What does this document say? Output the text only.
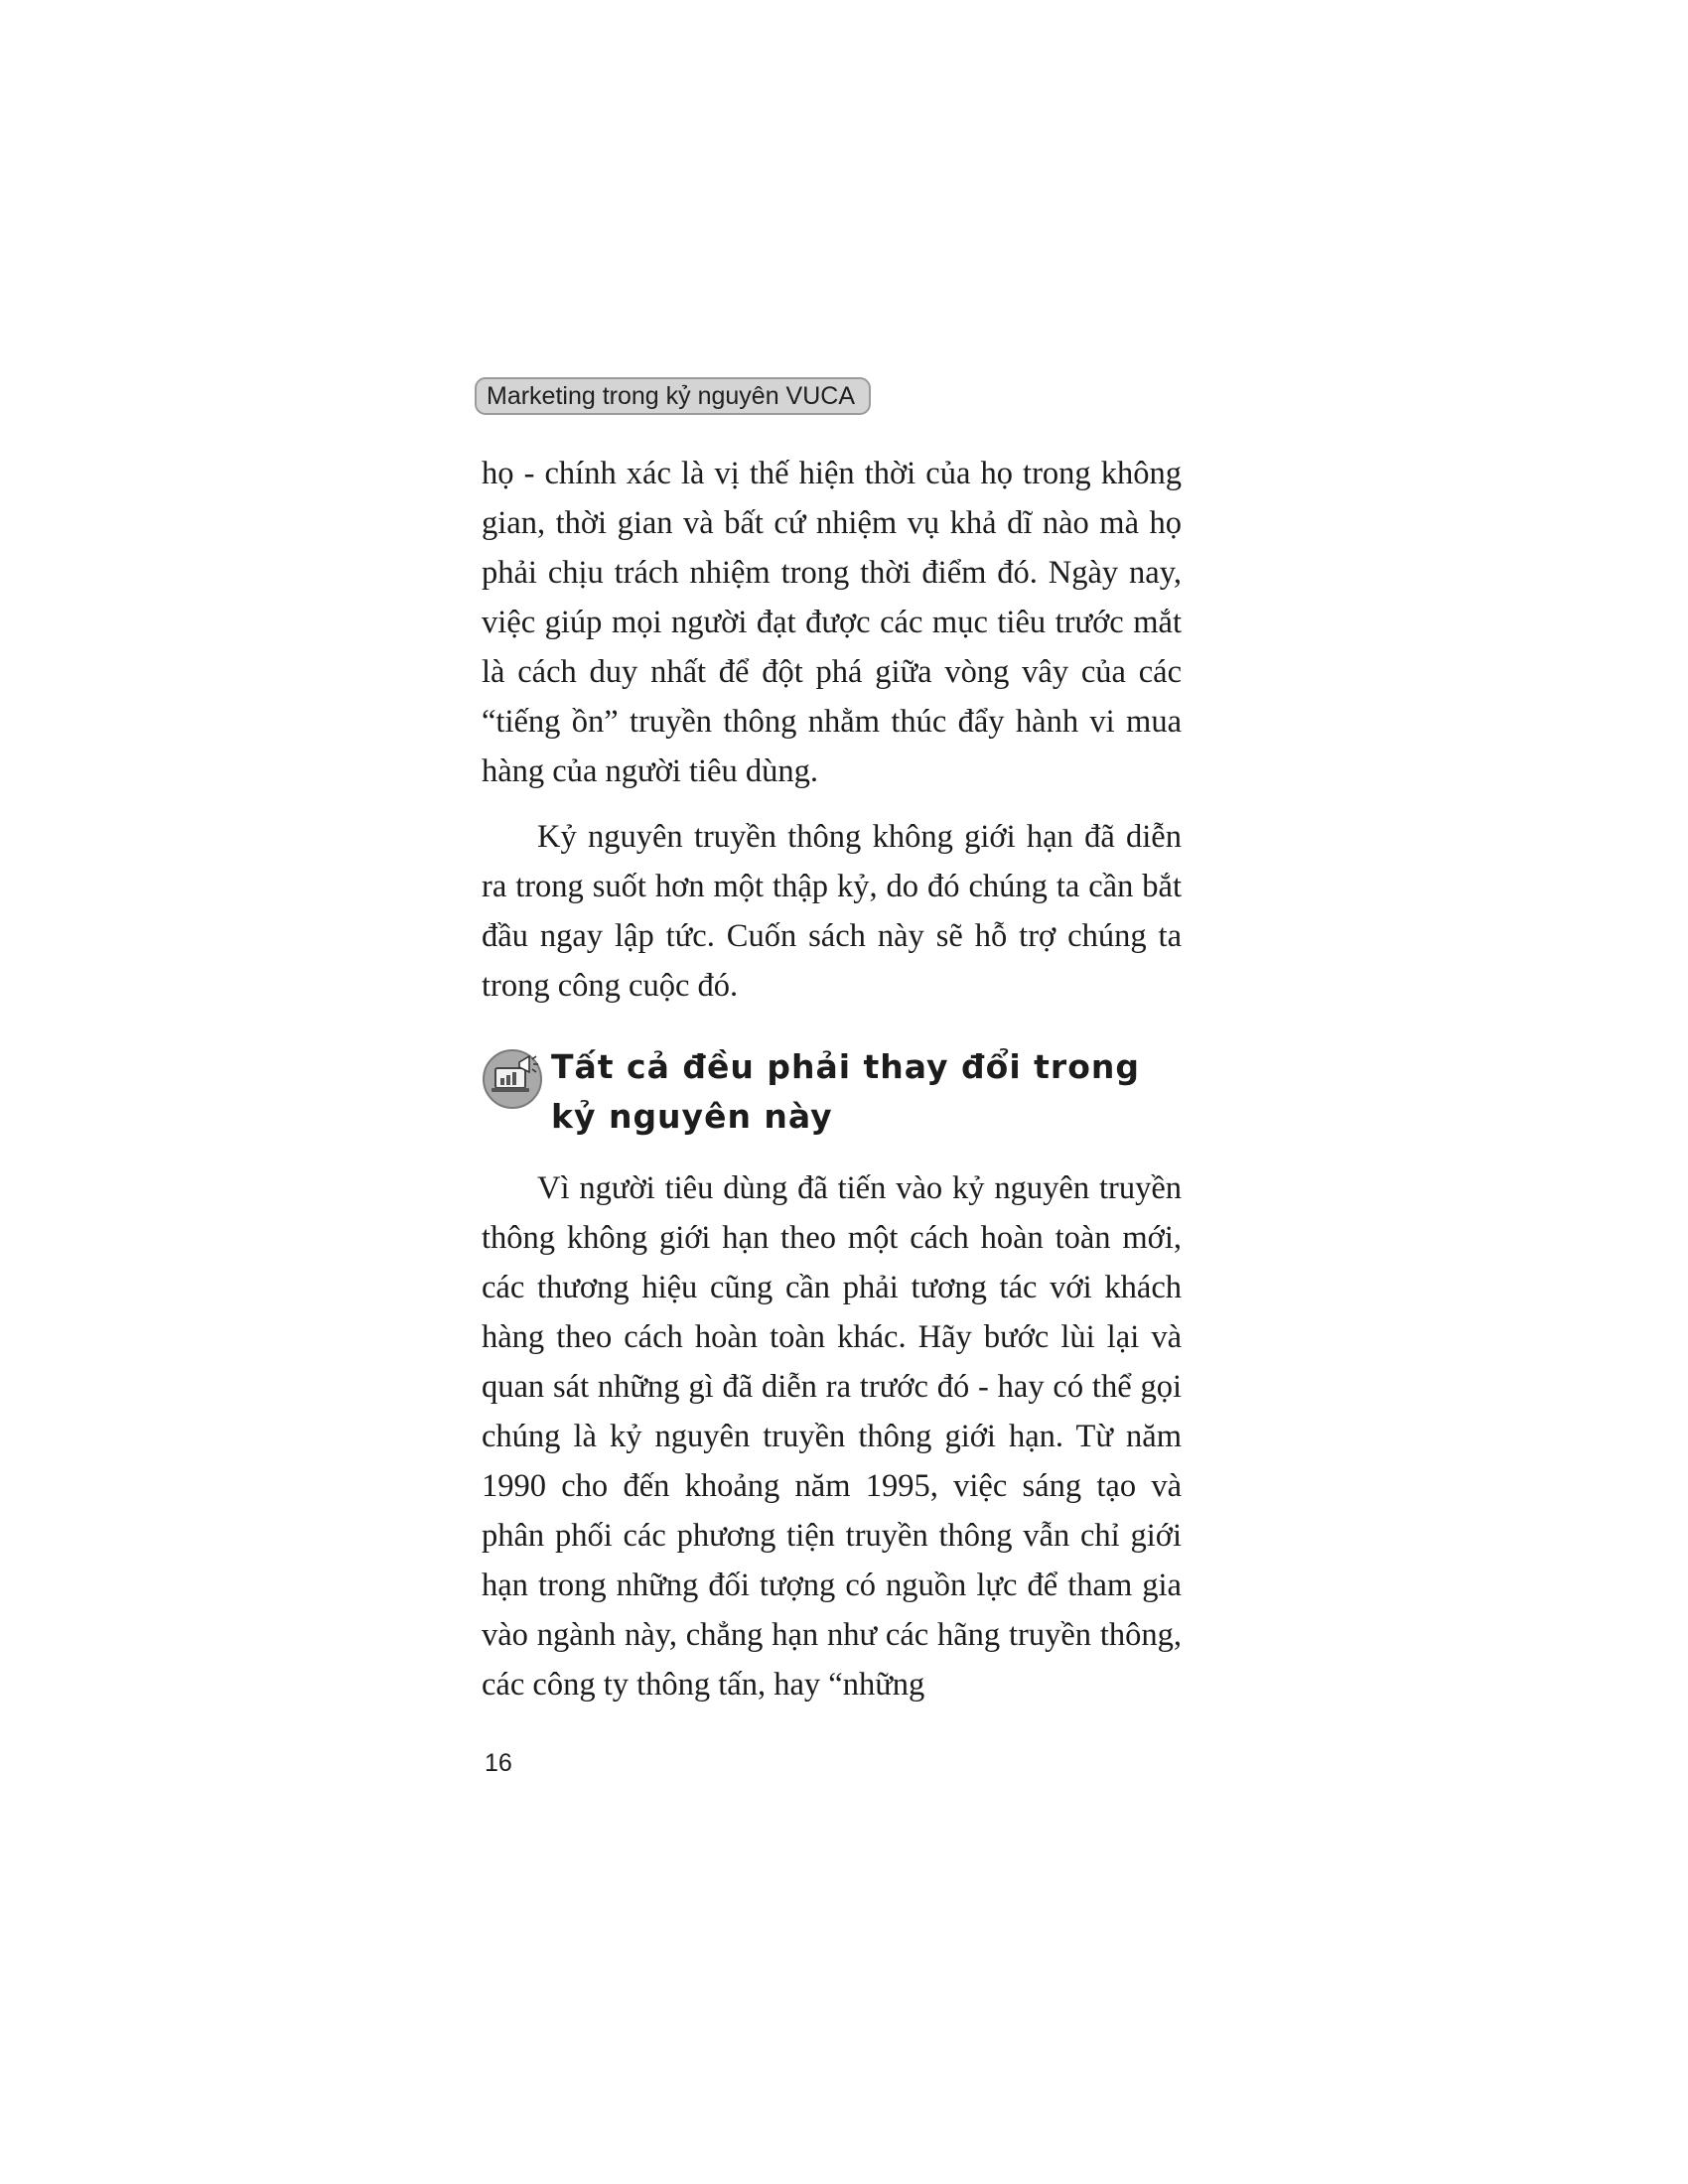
Marketing trong kỷ nguyên VUCA

họ - chính xác là vị thế hiện thời của họ trong không gian, thời gian và bất cứ nhiệm vụ khả dĩ nào mà họ phải chịu trách nhiệm trong thời điểm đó. Ngày nay, việc giúp mọi người đạt được các mục tiêu trước mắt là cách duy nhất để đột phá giữa vòng vây của các “tiếng ồn” truyền thông nhằm thúc đẩy hành vi mua hàng của người tiêu dùng.

Kỷ nguyên truyền thông không giới hạn đã diễn ra trong suốt hơn một thập kỷ, do đó chúng ta cần bắt đầu ngay lập tức. Cuốn sách này sẽ hỗ trợ chúng ta trong công cuộc đó.

Tất cả đều phải thay đổi trong kỷ nguyên này

Vì người tiêu dùng đã tiến vào kỷ nguyên truyền thông không giới hạn theo một cách hoàn toàn mới, các thương hiệu cũng cần phải tương tác với khách hàng theo cách hoàn toàn khác. Hãy bước lùi lại và quan sát những gì đã diễn ra trước đó - hay có thể gọi chúng là kỷ nguyên truyền thông giới hạn. Từ năm 1990 cho đến khoảng năm 1995, việc sáng tạo và phân phối các phương tiện truyền thông vẫn chỉ giới hạn trong những đối tượng có nguồn lực để tham gia vào ngành này, chẳng hạn như các hãng truyền thông, các công ty thông tấn, hay “những

16
